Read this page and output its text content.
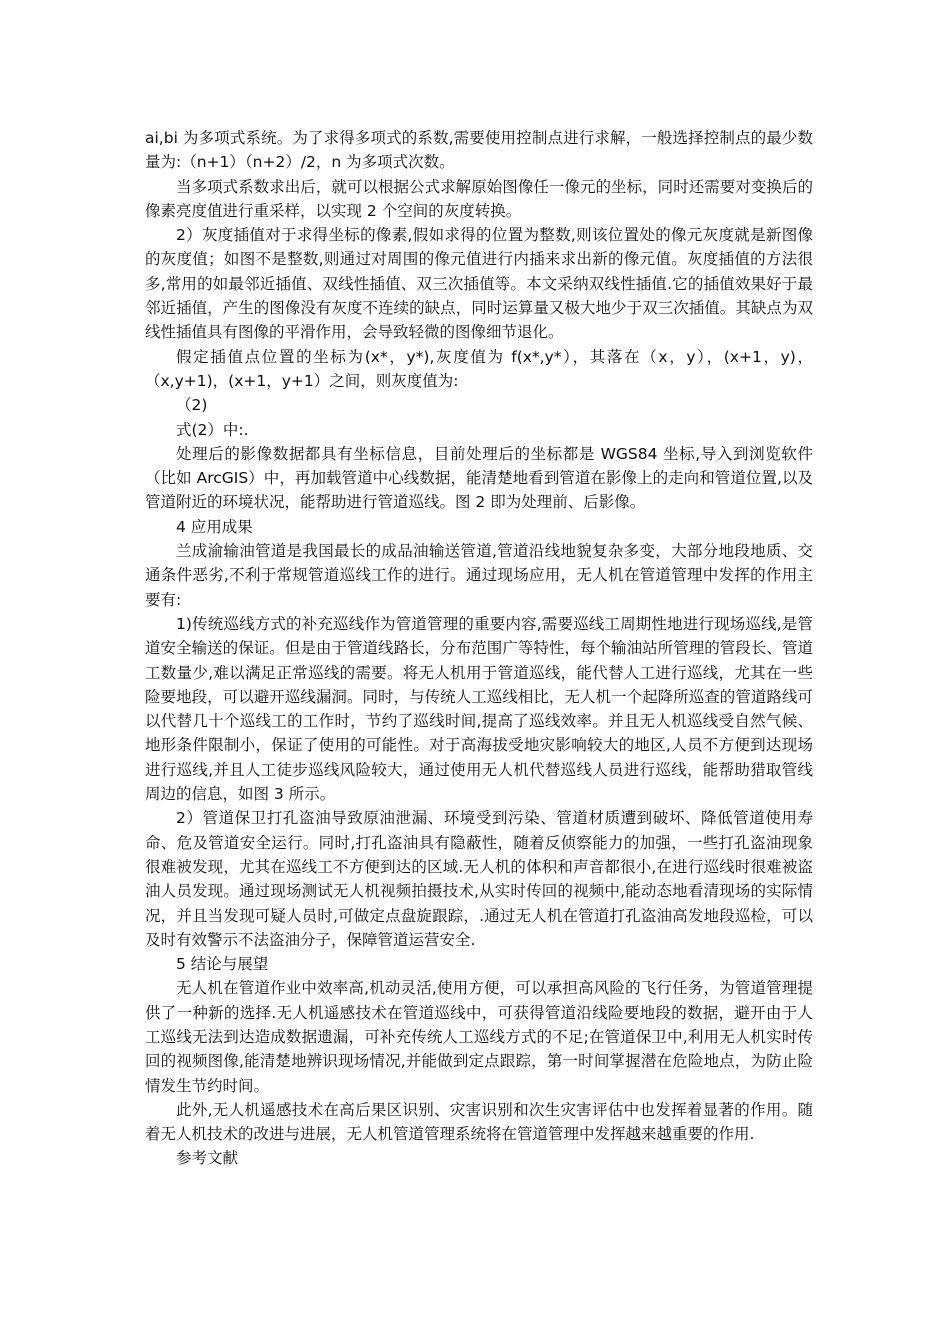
ai,bi 为多项式系统。为了求得多项式的系数,需要使用控制点进行求解，一般选择控制点的最少数量为:（n+1）（n+2）/2，n 为多项式次数。

当多项式系数求出后，就可以根据公式求解原始图像任一像元的坐标，同时还需要对变换后的像素亮度值进行重采样，以实现 2 个空间的灰度转换。

2）灰度插值对于求得坐标的像素,假如求得的位置为整数,则该位置处的像元灰度就是新图像的灰度值；如图不是整数,则通过对周围的像元值进行内插来求出新的像元值。灰度插值的方法很多,常用的如最邻近插值、双线性插值、双三次插值等。本文采纳双线性插值.它的插值效果好于最邻近插值，产生的图像没有灰度不连续的缺点，同时运算量又极大地少于双三次插值。其缺点为双线性插值具有图像的平滑作用，会导致轻微的图像细节退化。

假定插值点位置的坐标为(x*，y*),灰度值为 f(x*,y*），其落在（x，y），(x+1，y)，（x,y+1)，(x+1，y+1）之间，则灰度值为:

（2)

式(2）中:.

处理后的影像数据都具有坐标信息，目前处理后的坐标都是 WGS84 坐标,导入到浏览软件（比如 ArcGIS）中，再加载管道中心线数据，能清楚地看到管道在影像上的走向和管道位置,以及管道附近的环境状况，能帮助进行管道巡线。图 2 即为处理前、后影像。

4 应用成果

兰成渝输油管道是我国最长的成品油输送管道,管道沿线地貌复杂多变，大部分地段地质、交通条件恶劣,不利于常规管道巡线工作的进行。通过现场应用，无人机在管道管理中发挥的作用主要有:

1)传统巡线方式的补充巡线作为管道管理的重要内容,需要巡线工周期性地进行现场巡线,是管道安全输送的保证。但是由于管道线路长，分布范围广等特性，每个输油站所管理的管段长、管道工数量少,难以满足正常巡线的需要。将无人机用于管道巡线，能代替人工进行巡线，尤其在一些险要地段，可以避开巡线漏洞。同时，与传统人工巡线相比，无人机一个起降所巡查的管道路线可以代替几十个巡线工的工作时，节约了巡线时间,提高了巡线效率。并且无人机巡线受自然气候、地形条件限制小，保证了使用的可能性。对于高海拔受地灾影响较大的地区,人员不方便到达现场进行巡线,并且人工徒步巡线风险较大，通过使用无人机代替巡线人员进行巡线，能帮助猎取管线周边的信息，如图 3 所示。

2）管道保卫打孔盗油导致原油泄漏、环境受到污染、管道材质遭到破坏、降低管道使用寿命、危及管道安全运行。同时,打孔盗油具有隐蔽性，随着反侦察能力的加强，一些打孔盗油现象很难被发现，尤其在巡线工不方便到达的区域.无人机的体积和声音都很小,在进行巡线时很难被盗油人员发现。通过现场测试无人机视频拍摄技术,从实时传回的视频中,能动态地看清现场的实际情况，并且当发现可疑人员时,可做定点盘旋跟踪，.通过无人机在管道打孔盗油高发地段巡检，可以及时有效警示不法盗油分子，保障管道运营安全.

5 结论与展望

无人机在管道作业中效率高,机动灵活,使用方便，可以承担高风险的飞行任务，为管道管理提供了一种新的选择.无人机遥感技术在管道巡线中，可获得管道沿线险要地段的数据，避开由于人工巡线无法到达造成数据遗漏，可补充传统人工巡线方式的不足;在管道保卫中,利用无人机实时传回的视频图像,能清楚地辨识现场情况,并能做到定点跟踪，第一时间掌握潜在危险地点，为防止险情发生节约时间。

此外,无人机遥感技术在高后果区识别、灾害识别和次生灾害评估中也发挥着显著的作用。随着无人机技术的改进与进展，无人机管道管理系统将在管道管理中发挥越来越重要的作用.

参考文献
